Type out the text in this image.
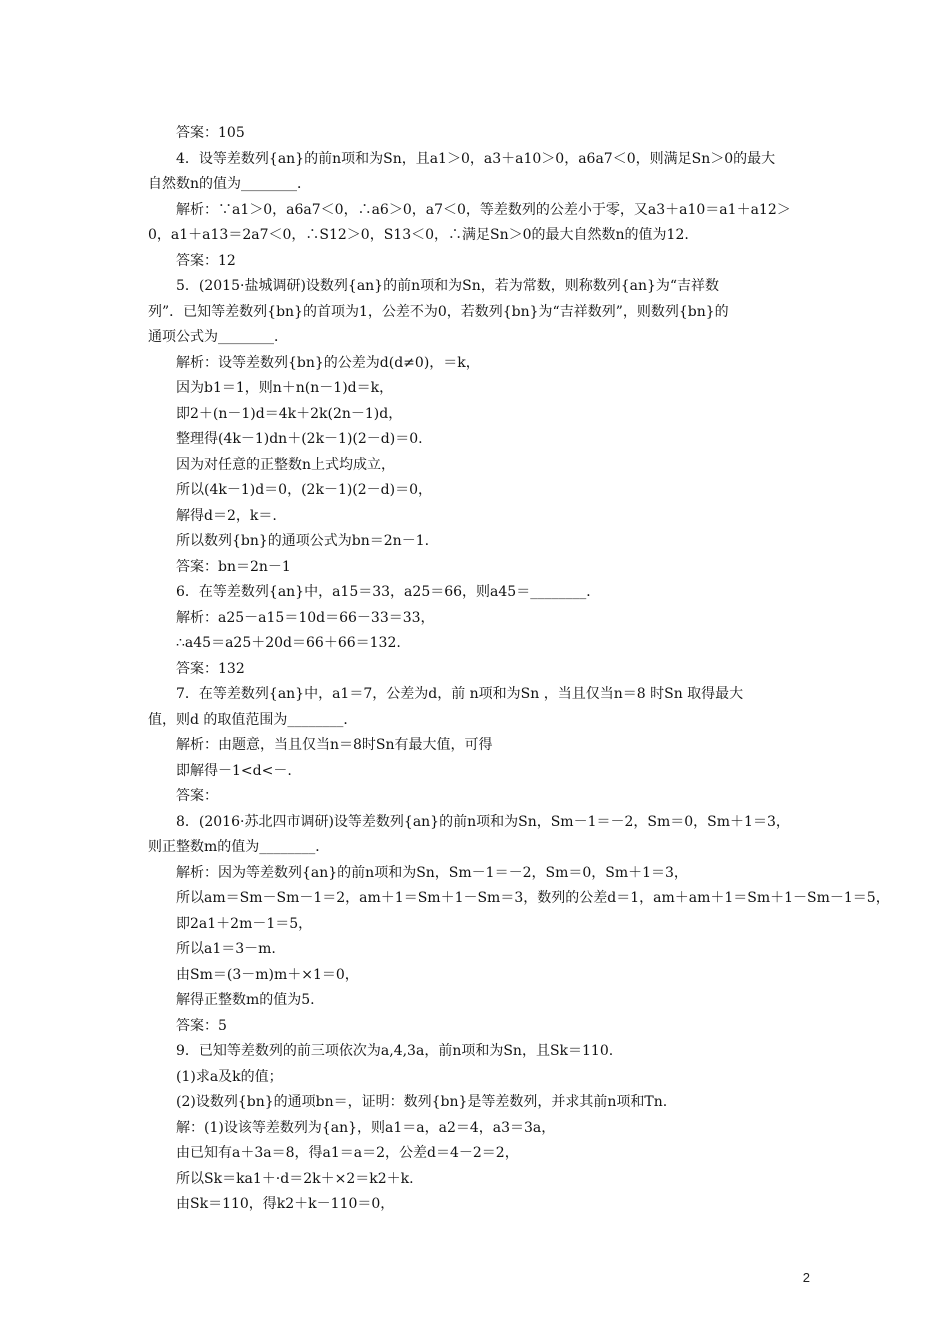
答案：105
4．设等差数列{an}的前n项和为Sn，且a1＞0，a3＋a10＞0，a6a7＜0，则满足Sn＞0的最大
自然数n的值为________．
解析：∵a1＞0，a6a7＜0，∴a6＞0，a7＜0，等差数列的公差小于零，又a3＋a10＝a1＋a12＞
0，a1＋a13＝2a7＜0，∴S12＞0，S13＜0，∴满足Sn＞0的最大自然数n的值为12.
答案：12
5．(2015·盐城调研)设数列{an}的前n项和为Sn，若为常数，则称数列{an}为“吉祥数
列”．已知等差数列{bn}的首项为1，公差不为0，若数列{bn}为“吉祥数列”，则数列{bn}的
通项公式为________．
解析：设等差数列{bn}的公差为d(d≠0)，＝k，
因为b1＝1，则n＋n(n－1)d＝k，
即2＋(n－1)d＝4k＋2k(2n－1)d，
整理得(4k－1)dn＋(2k－1)(2－d)＝0.
因为对任意的正整数n上式均成立，
所以(4k－1)d＝0，(2k－1)(2－d)＝0，
解得d＝2，k＝.
所以数列{bn}的通项公式为bn＝2n－1.
答案：bn＝2n－1
6．在等差数列{an}中，a15＝33，a25＝66，则a45＝________．
解析：a25－a15＝10d＝66－33＝33，
∴a45＝a25＋20d＝66＋66＝132.
答案：132
7．在等差数列{an}中，a1＝7，公差为d，前 n项和为Sn ，当且仅当n＝8 时Sn 取得最大
值，则d 的取值范围为________．
解析：由题意，当且仅当n＝8时Sn有最大值，可得
即解得－1<d<－.
答案：
8．(2016·苏北四市调研)设等差数列{an}的前n项和为Sn，Sm－1＝－2，Sm＝0，Sm＋1＝3，
则正整数m的值为________．
解析：因为等差数列{an}的前n项和为Sn，Sm－1＝－2，Sm＝0，Sm＋1＝3，
所以am＝Sm－Sm－1＝2，am＋1＝Sm＋1－Sm＝3，数列的公差d＝1，am＋am＋1＝Sm＋1－Sm－1＝5，
即2a1＋2m－1＝5，
所以a1＝3－m.
由Sm＝(3－m)m＋×1＝0，
解得正整数m的值为5.
答案：5
9．已知等差数列的前三项依次为a,4,3a，前n项和为Sn，且Sk＝110.
(1)求a及k的值；
(2)设数列{bn}的通项bn＝，证明：数列{bn}是等差数列，并求其前n项和Tn.
解：(1)设该等差数列为{an}，则a1＝a，a2＝4，a3＝3a，
由已知有a＋3a＝8，得a1＝a＝2，公差d＝4－2＝2，
所以Sk＝ka1＋·d＝2k＋×2＝k2＋k.
由Sk＝110，得k2＋k－110＝0，
2
